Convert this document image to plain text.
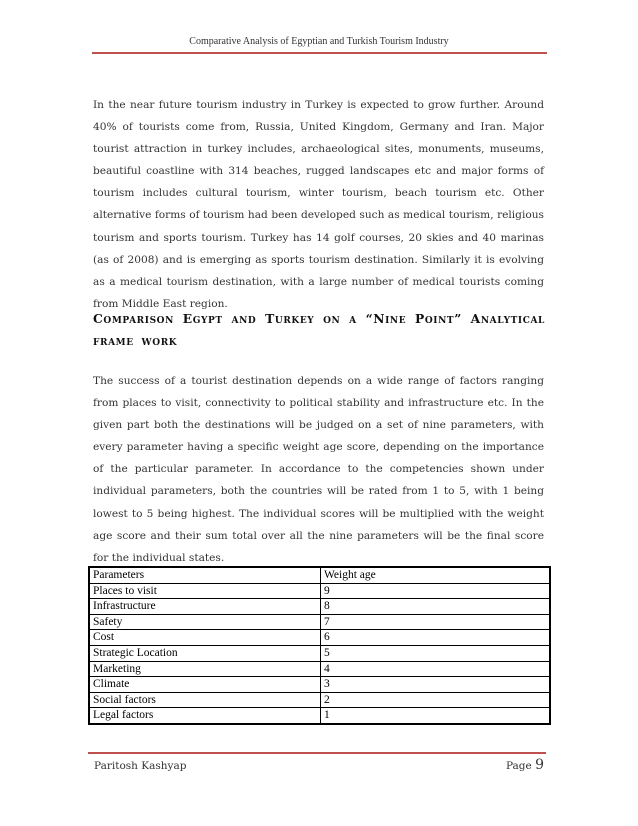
Comparative Analysis of Egyptian and Turkish Tourism Industry
In the near future tourism industry in Turkey is expected to grow further. Around 40% of tourists come from, Russia, United Kingdom, Germany and Iran. Major tourist attraction in turkey includes, archaeological sites, monuments, museums, beautiful coastline with 314 beaches, rugged landscapes etc and major forms of tourism includes cultural tourism, winter tourism, beach tourism etc. Other alternative forms of tourism had been developed such as medical tourism, religious tourism and sports tourism. Turkey has 14 golf courses, 20 skies and 40 marinas (as of 2008) and is emerging as sports tourism destination. Similarly it is evolving as a medical tourism destination, with a large number of medical tourists coming from Middle East region.
Comparison Egypt and Turkey on a “Nine Point” Analytical frame work
The success of a tourist destination depends on a wide range of factors ranging from places to visit, connectivity to political stability and infrastructure etc. In the given part both the destinations will be judged on a set of nine parameters, with every parameter having a specific weight age score, depending on the importance of the particular parameter. In accordance to the competencies shown under individual parameters, both the countries will be rated from 1 to 5, with 1 being lowest to 5 being highest. The individual scores will be multiplied with the weight age score and their sum total over all the nine parameters will be the final score for the individual states.
Parameters	Weight age
Places to visit	9
Infrastructure	8
Safety	7
Cost	6
Strategic Location	5
Marketing	4
Climate	3
Social factors	2
Legal factors	1
Paritosh Kashyap	Page 9
